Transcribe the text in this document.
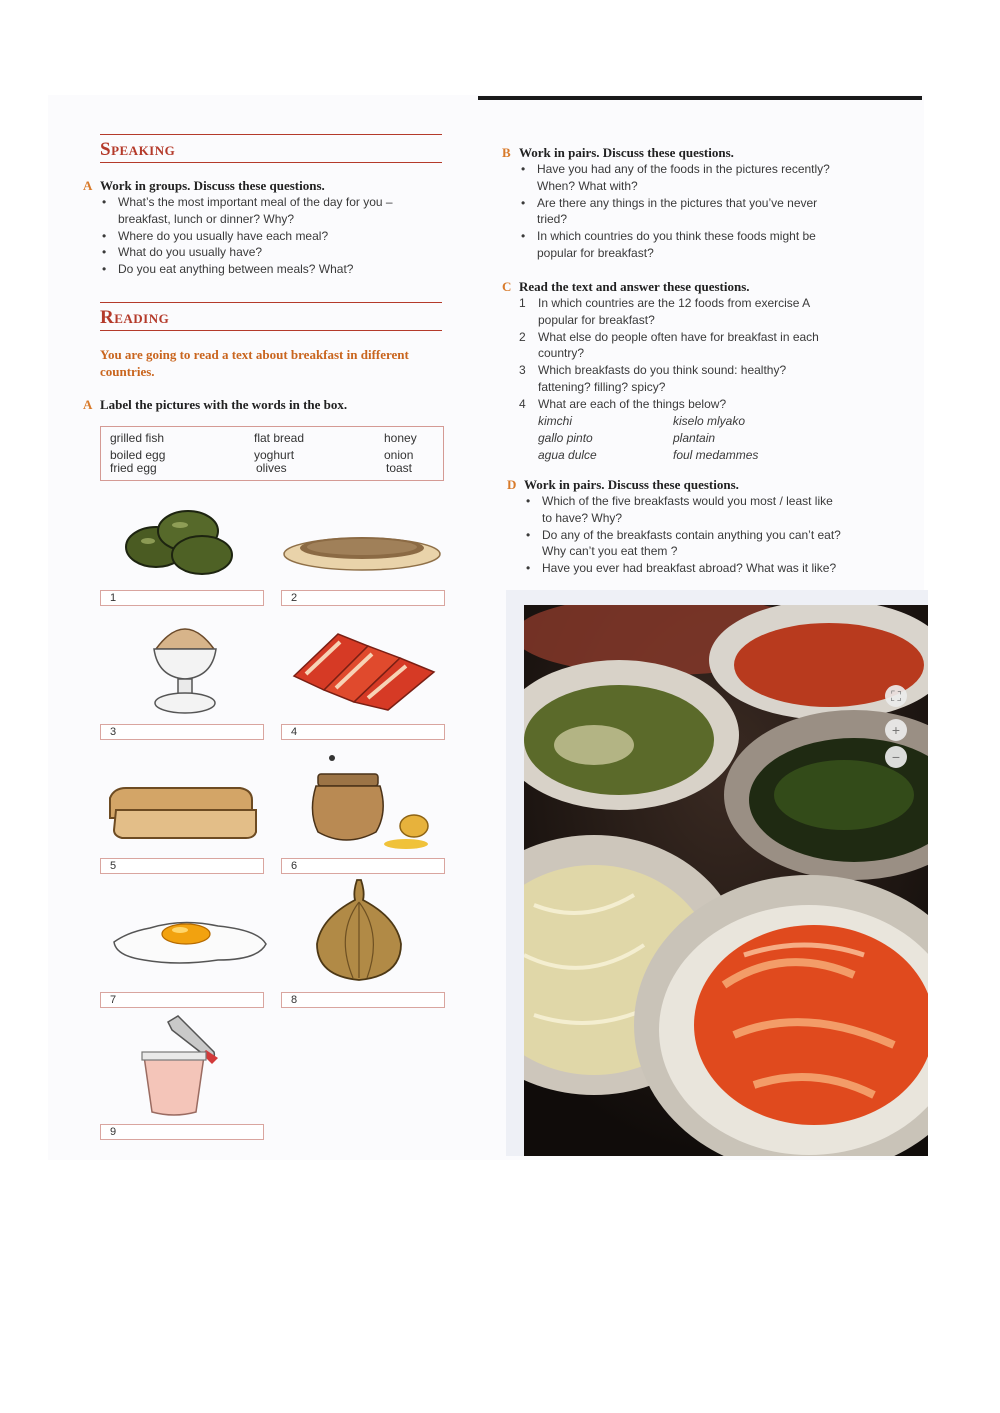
Speaking
A Work in groups. Discuss these questions.
• What’s the most important meal of the day for you –
breakfast, lunch or dinner? Why?
• Where do you usually have each meal?
• What do you usually have?
• Do you eat anything between meals? What?
Reading
You are going to read a text about breakfast in different countries.
A Label the pictures with the words in the box.
grilled fish	flat bread	honey
boiled egg	yoghurt	onion
fried egg	olives	toast
1	2
3	4
5	6
7	8
9
B Work in pairs. Discuss these questions.
• Have you had any of the foods in the pictures recently?
When? What with?
• Are there any things in the pictures that you’ve never
tried?
• In which countries do you think these foods might be
popular for breakfast?
C Read the text and answer these questions.
1 In which countries are the 12 foods from exercise A
popular for breakfast?
2 What else do people often have for breakfast in each
country?
3 Which breakfasts do you think sound: healthy?
fattening? filling? spicy?
4 What are each of the things below?
kimchi	kiselo mlyako
gallo pinto	plantain
agua dulce	foul medammes
D Work in pairs. Discuss these questions.
• Which of the five breakfasts would you most / least like
to have? Why?
• Do any of the breakfasts contain anything you can’t eat?
Why can’t you eat them ?
• Have you ever had breakfast abroad? What was it like?
⛶
+
−
